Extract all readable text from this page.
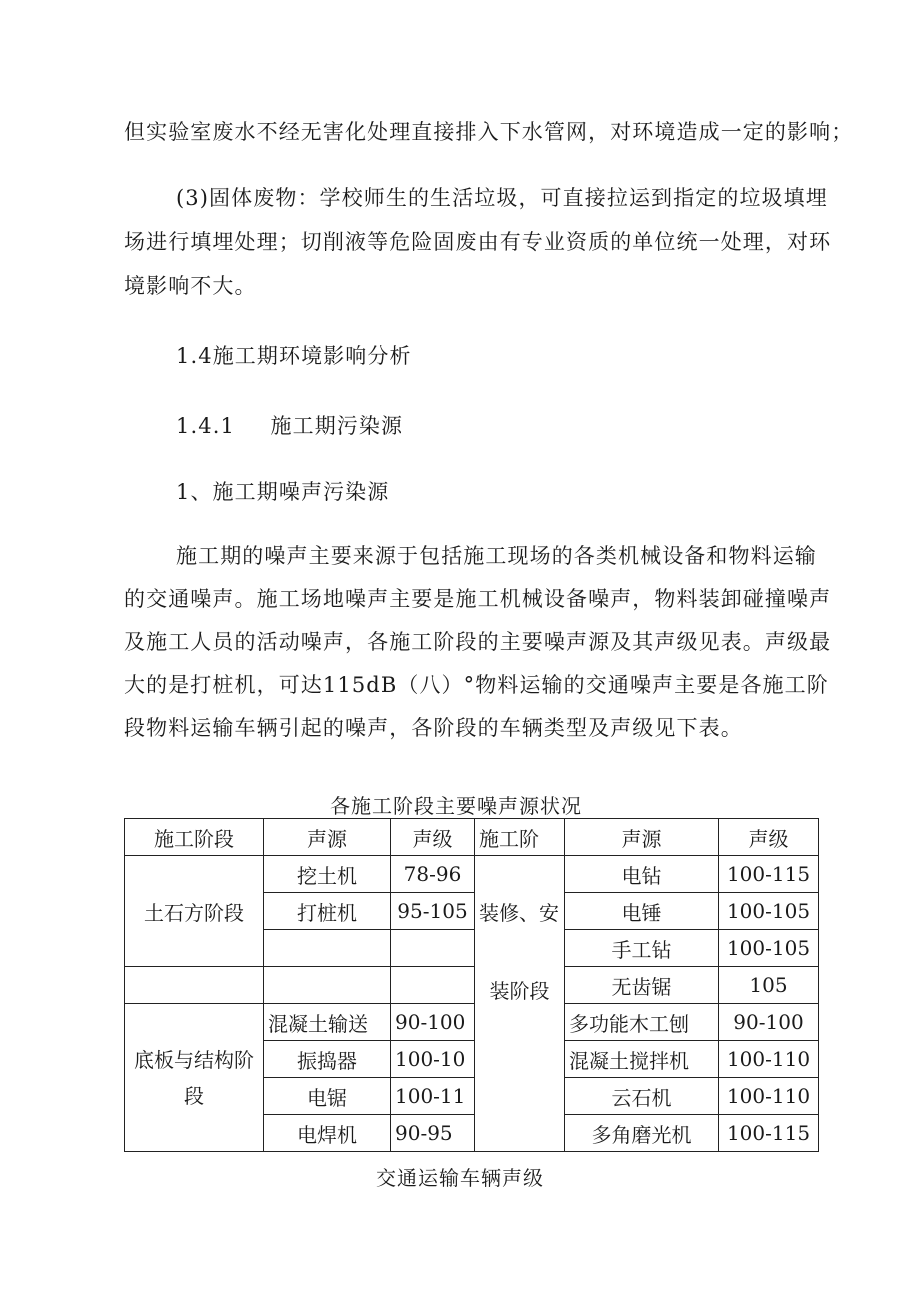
但实验室废水不经无害化处理直接排入下水管网，对环境造成一定的影响；
(3)固体废物：学校师生的生活垃圾，可直接拉运到指定的垃圾填埋
场进行填埋处理；切削液等危险固废由有专业资质的单位统一处理，对环
境影响不大。
1.4施工期环境影响分析
1.4.1 施工期污染源
1、施工期噪声污染源
施工期的噪声主要来源于包括施工现场的各类机械设备和物料运输
的交通噪声。施工场地噪声主要是施工机械设备噪声，物料装卸碰撞噪声
及施工人员的活动噪声，各施工阶段的主要噪声源及其声级见表。声级最
大的是打桩机，可达115dB（八）°物料运输的交通噪声主要是各施工阶
段物料运输车辆引起的噪声，各阶段的车辆类型及声级见下表。
各施工阶段主要噪声源状况
施工阶段	声源	声级	施工阶	声源	声级
土石方阶段	挖土机	78-96	装修、安	电钻	100-115
	打桩机	95-105		电锤	100-105
				手工钻	100-105
			装阶段	无齿锯	105

底板与结构阶
段	混凝土输送	90-100		多功能木工刨	90-100
	振捣器	100-10		混凝土搅拌机	100-110
	电锯	100-11		云石机	100-110
	电焊机	90-95		多角磨光机	100-115
交通运输车辆声级
